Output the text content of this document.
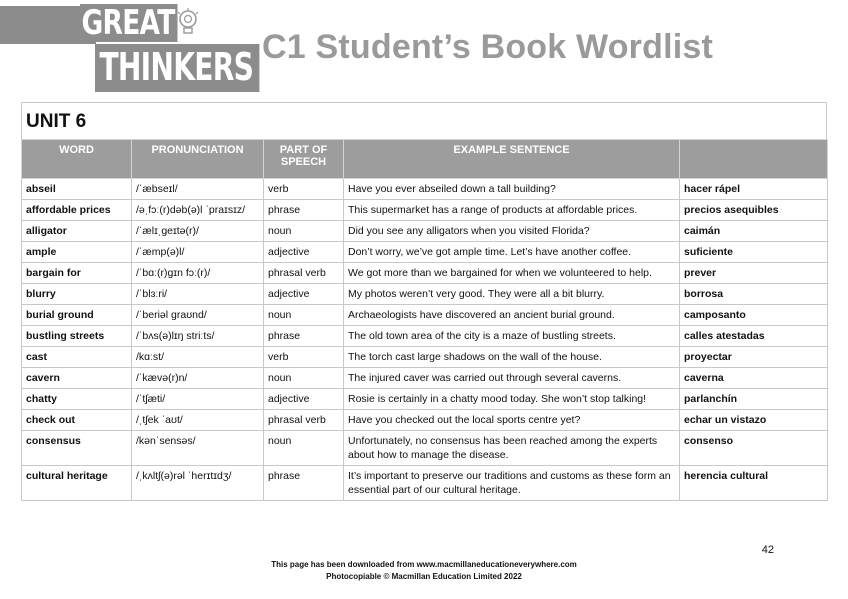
GREAT
THINKERS C1 Student’s Book Wordlist
UNIT 6
WORD	PRONUNCIATION	PART OF SPEECH	EXAMPLE SENTENCE	
abseil	/ˈæbseɪl/	verb	Have you ever abseiled down a tall building?	hacer rápel
affordable prices	/əˌfɔː(r)dəb(ə)l ˈpraɪsɪz/	phrase	This supermarket has a range of products at affordable prices.	precios asequibles
alligator	/ˈælɪˌgeɪtə(r)/	noun	Did you see any alligators when you visited Florida?	caimán
ample	/ˈæmp(ə)l/	adjective	Don’t worry, we’ve got ample time. Let’s have another coffee.	suficiente
bargain for	/ˈbɑː(r)gɪn fɔː(r)/	phrasal verb	We got more than we bargained for when we volunteered to help.	prever
blurry	/ˈblɜːri/	adjective	My photos weren’t very good. They were all a bit blurry.	borrosa
burial ground	/ˈberiəl graʊnd/	noun	Archaeologists have discovered an ancient burial ground.	camposanto
bustling streets	/ˈbʌs(ə)lɪŋ striːts/	phrase	The old town area of the city is a maze of bustling streets.	calles atestadas
cast	/kɑːst/	verb	The torch cast large shadows on the wall of the house.	proyectar
cavern	/ˈkævə(r)n/	noun	The injured caver was carried out through several caverns.	caverna
chatty	/ˈtʃæti/	adjective	Rosie is certainly in a chatty mood today. She won’t stop talking!	parlanchín
check out	/ˌtʃek ˈaʊt/	phrasal verb	Have you checked out the local sports centre yet?	echar un vistazo
consensus	/kənˈsensəs/	noun	Unfortunately, no consensus has been reached among the experts about how to manage the disease.	consenso
cultural heritage	/ˌkʌltʃ(ə)rəl ˈherɪtɪdʒ/	phrase	It’s important to preserve our traditions and customs as these form an essential part of our cultural heritage.	herencia cultural
42
This page has been downloaded from www.macmillaneducationeverywhere.com
Photocopiable © Macmillan Education Limited 2022
